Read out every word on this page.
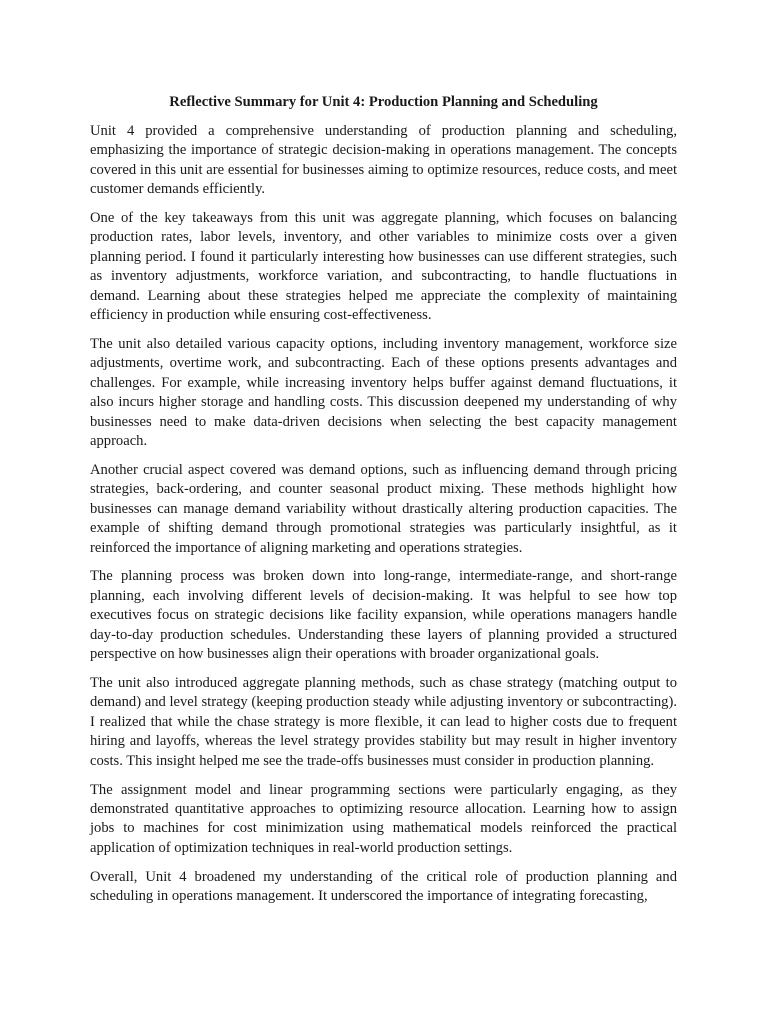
Reflective Summary for Unit 4: Production Planning and Scheduling

Unit 4 provided a comprehensive understanding of production planning and scheduling, emphasizing the importance of strategic decision-making in operations management. The concepts covered in this unit are essential for businesses aiming to optimize resources, reduce costs, and meet customer demands efficiently.

One of the key takeaways from this unit was aggregate planning, which focuses on balancing production rates, labor levels, inventory, and other variables to minimize costs over a given planning period. I found it particularly interesting how businesses can use different strategies, such as inventory adjustments, workforce variation, and subcontracting, to handle fluctuations in demand. Learning about these strategies helped me appreciate the complexity of maintaining efficiency in production while ensuring cost-effectiveness.

The unit also detailed various capacity options, including inventory management, workforce size adjustments, overtime work, and subcontracting. Each of these options presents advantages and challenges. For example, while increasing inventory helps buffer against demand fluctuations, it also incurs higher storage and handling costs. This discussion deepened my understanding of why businesses need to make data-driven decisions when selecting the best capacity management approach.

Another crucial aspect covered was demand options, such as influencing demand through pricing strategies, back-ordering, and counter seasonal product mixing. These methods highlight how businesses can manage demand variability without drastically altering production capacities. The example of shifting demand through promotional strategies was particularly insightful, as it reinforced the importance of aligning marketing and operations strategies.

The planning process was broken down into long-range, intermediate-range, and short-range planning, each involving different levels of decision-making. It was helpful to see how top executives focus on strategic decisions like facility expansion, while operations managers handle day-to-day production schedules. Understanding these layers of planning provided a structured perspective on how businesses align their operations with broader organizational goals.

The unit also introduced aggregate planning methods, such as chase strategy (matching output to demand) and level strategy (keeping production steady while adjusting inventory or subcontracting). I realized that while the chase strategy is more flexible, it can lead to higher costs due to frequent hiring and layoffs, whereas the level strategy provides stability but may result in higher inventory costs. This insight helped me see the trade-offs businesses must consider in production planning.

The assignment model and linear programming sections were particularly engaging, as they demonstrated quantitative approaches to optimizing resource allocation. Learning how to assign jobs to machines for cost minimization using mathematical models reinforced the practical application of optimization techniques in real-world production settings.

Overall, Unit 4 broadened my understanding of the critical role of production planning and scheduling in operations management. It underscored the importance of integrating forecasting,
